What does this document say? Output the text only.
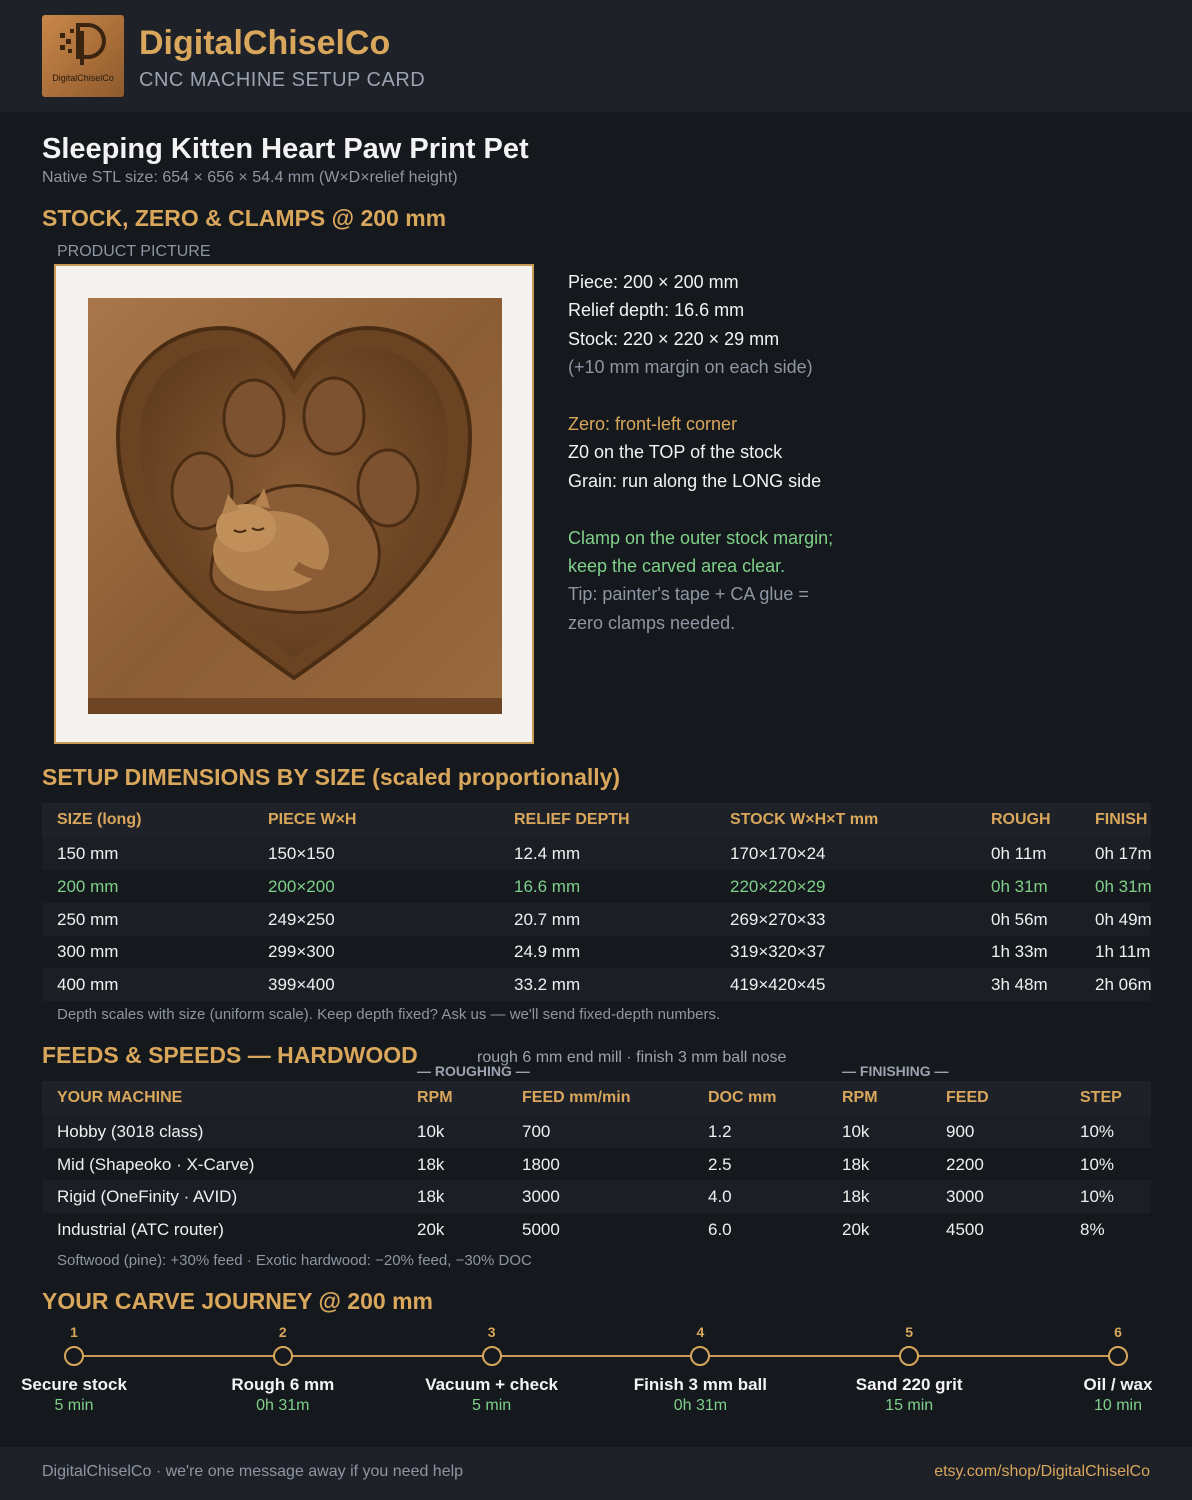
DigitalChiselCo
DigitalChiselCo
CNC MACHINE SETUP CARD
Sleeping Kitten Heart Paw Print Pet
Native STL size: 654 × 656 × 54.4 mm (W×D×relief height)
STOCK, ZERO & CLAMPS @ 200 mm
PRODUCT PICTURE
Piece: 200 × 200 mm
Relief depth: 16.6 mm
Stock: 220 × 220 × 29 mm
(+10 mm margin on each side)
Zero: front-left corner
Z0 on the TOP of the stock
Grain: run along the LONG side
Clamp on the outer stock margin;
keep the carved area clear.
Tip: painter's tape + CA glue =
zero clamps needed.
SETUP DIMENSIONS BY SIZE (scaled proportionally)
SIZE (long)	PIECE W×H	RELIEF DEPTH	STOCK W×H×T mm	ROUGH	FINISH
150 mm	150×150	12.4 mm	170×170×24	0h 11m	0h 17m
200 mm	200×200	16.6 mm	220×220×29	0h 31m	0h 31m
250 mm	249×250	20.7 mm	269×270×33	0h 56m	0h 49m
300 mm	299×300	24.9 mm	319×320×37	1h 33m	1h 11m
400 mm	399×400	33.2 mm	419×420×45	3h 48m	2h 06m
Depth scales with size (uniform scale). Keep depth fixed? Ask us — we'll send fixed-depth numbers.
FEEDS & SPEEDS — HARDWOOD	rough 6 mm end mill · finish 3 mm ball nose
— ROUGHING —	— FINISHING —
YOUR MACHINE	RPM	FEED mm/min	DOC mm	RPM	FEED	STEP
Hobby (3018 class)	10k	700	1.2	10k	900	10%
Mid (Shapeoko · X-Carve)	18k	1800	2.5	18k	2200	10%
Rigid (OneFinity · AVID)	18k	3000	4.0	18k	3000	10%
Industrial (ATC router)	20k	5000	6.0	20k	4500	8%
Softwood (pine): +30% feed · Exotic hardwood: −20% feed, −30% DOC
YOUR CARVE JOURNEY @ 200 mm
1
Secure stock
5 min
2
Rough 6 mm
0h 31m
3
Vacuum + check
5 min
4
Finish 3 mm ball
0h 31m
5
Sand 220 grit
15 min
6
Oil / wax
10 min
DigitalChiselCo · we're one message away if you need help	etsy.com/shop/DigitalChiselCo
